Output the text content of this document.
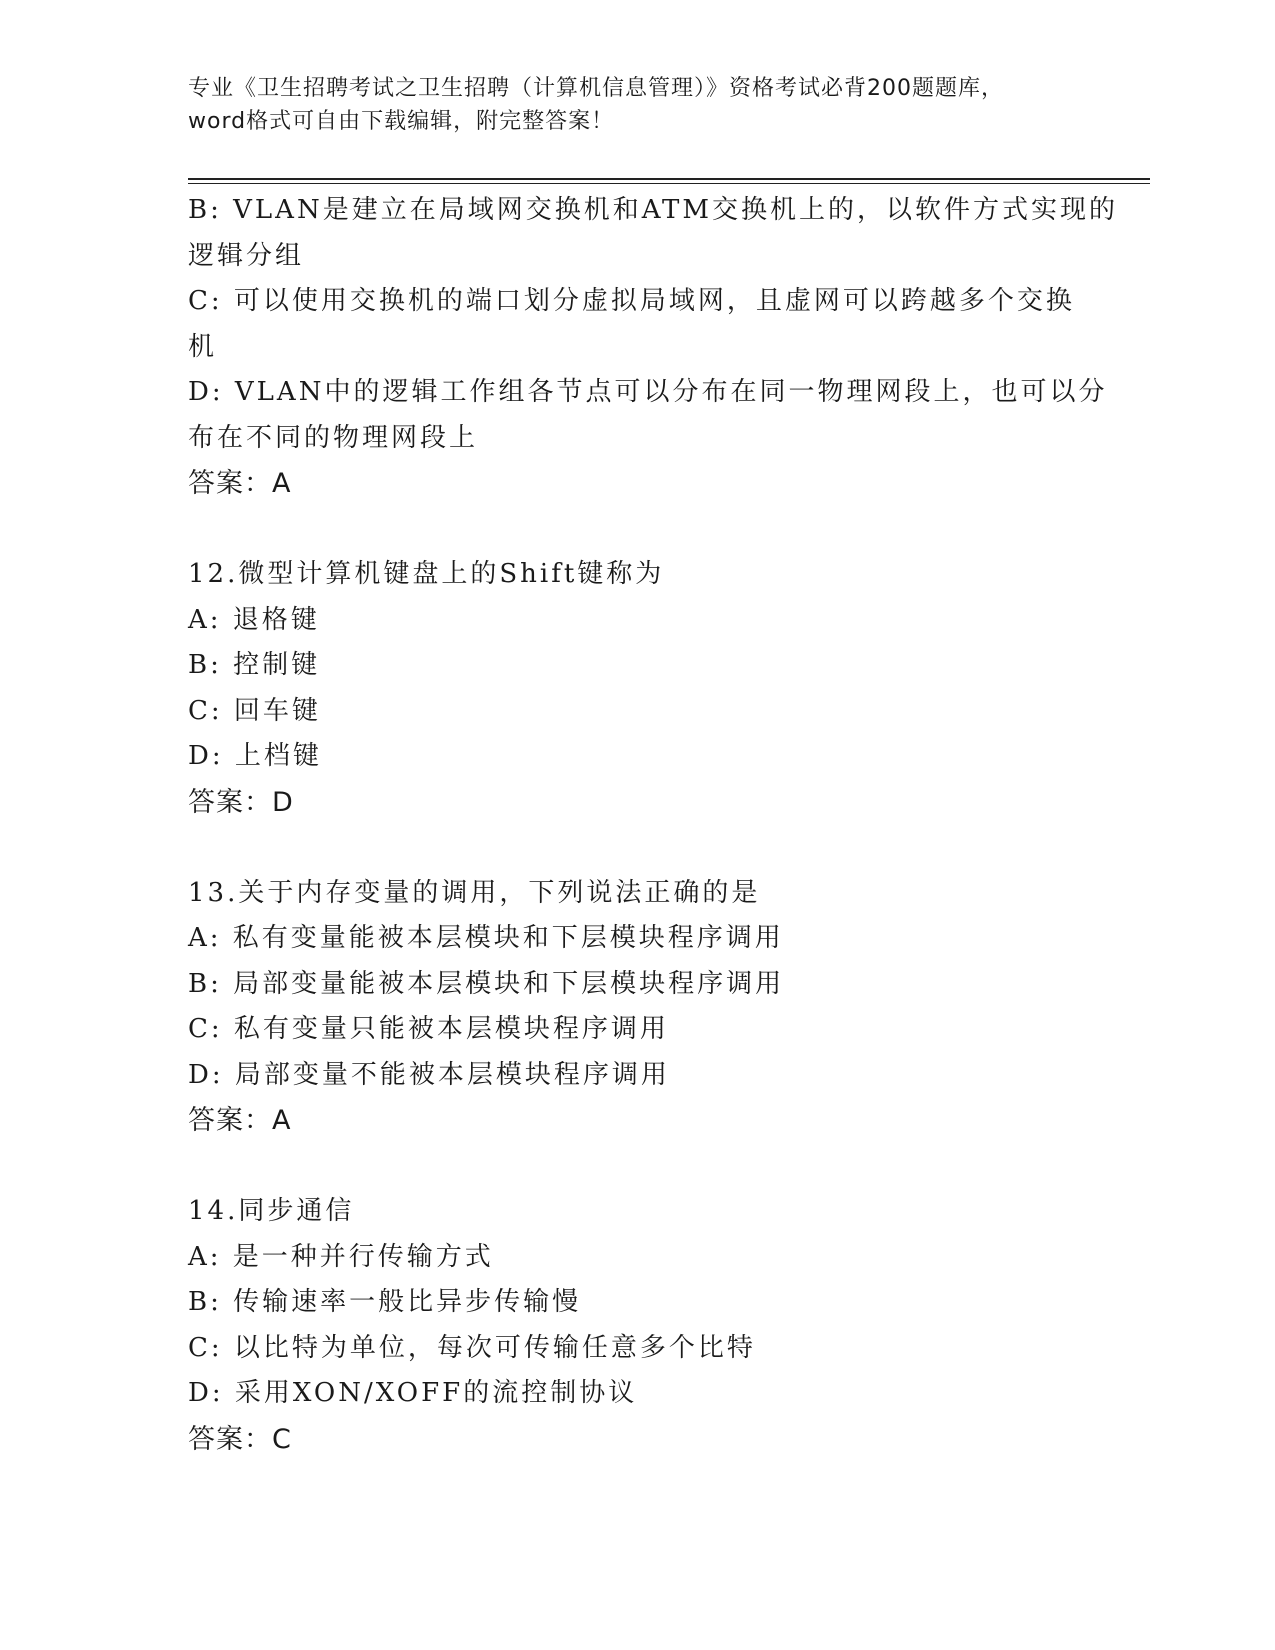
专业《卫生招聘考试之卫生招聘（计算机信息管理）》资格考试必背200题题库，
word格式可自由下载编辑，附完整答案！
B: VLAN是建立在局域网交换机和ATM交换机上的，以软件方式实现的
逻辑分组
C: 可以使用交换机的端口划分虚拟局域网，且虚网可以跨越多个交换
机
D: VLAN中的逻辑工作组各节点可以分布在同一物理网段上，也可以分
布在不同的物理网段上
答案：A
12.微型计算机键盘上的Shift键称为
A: 退格键
B: 控制键
C: 回车键
D: 上档键
答案：D
13.关于内存变量的调用，下列说法正确的是
A: 私有变量能被本层模块和下层模块程序调用
B: 局部变量能被本层模块和下层模块程序调用
C: 私有变量只能被本层模块程序调用
D: 局部变量不能被本层模块程序调用
答案：A
14.同步通信
A: 是一种并行传输方式
B: 传输速率一般比异步传输慢
C: 以比特为单位，每次可传输任意多个比特
D: 采用XON/XOFF的流控制协议
答案：C
